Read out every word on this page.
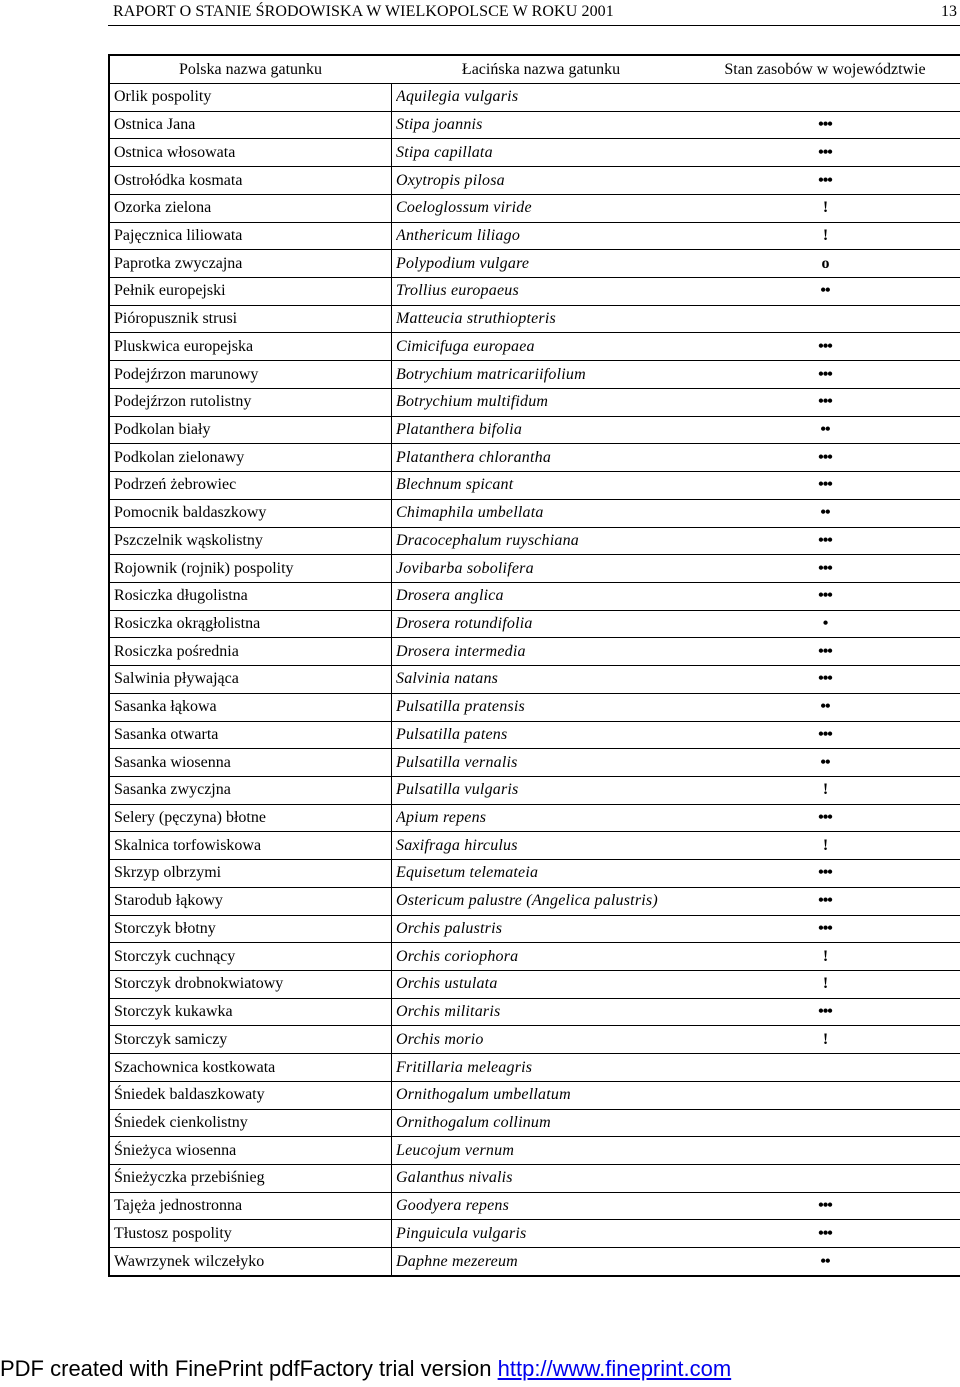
RAPORT O STANIE ŚRODOWISKA W WIELKOPOLSCE W ROKU 2001	13
Polska nazwa gatunku	Łacińska nazwa gatunku	Stan zasobów w województwie
Orlik pospolity	Aquilegia vulgaris
Ostnica Jana	Stipa joannis	•••
Ostnica włosowata	Stipa capillata	•••
Ostrołódka kosmata	Oxytropis pilosa	•••
Ozorka zielona	Coeloglossum viride	!
Pajęcznica liliowata	Anthericum liliago	!
Paprotka zwyczajna	Polypodium vulgare	o
Pełnik europejski	Trollius europaeus	••
Pióropusznik strusi	Matteucia struthiopteris
Pluskwica europejska	Cimicifuga europaea	•••
Podejźrzon marunowy	Botrychium matricariifolium	•••
Podejźrzon rutolistny	Botrychium multifidum	•••
Podkolan biały	Platanthera bifolia	••
Podkolan zielonawy	Platanthera chlorantha	•••
Podrzeń żebrowiec	Blechnum spicant	•••
Pomocnik baldaszkowy	Chimaphila umbellata	••
Pszczelnik wąskolistny	Dracocephalum ruyschiana	•••
Rojownik (rojnik) pospolity	Jovibarba sobolifera	•••
Rosiczka długolistna	Drosera anglica	•••
Rosiczka okrągłolistna	Drosera rotundifolia	•
Rosiczka pośrednia	Drosera intermedia	•••
Salwinia pływająca	Salvinia natans	•••
Sasanka łąkowa	Pulsatilla pratensis	••
Sasanka otwarta	Pulsatilla patens	•••
Sasanka wiosenna	Pulsatilla vernalis	••
Sasanka zwyczjna	Pulsatilla vulgaris	!
Selery (pęczyna) błotne	Apium repens	•••
Skalnica torfowiskowa	Saxifraga hirculus	!
Skrzyp olbrzymi	Equisetum telemateia	•••
Starodub łąkowy	Ostericum palustre (Angelica palustris)	•••
Storczyk błotny	Orchis palustris	•••
Storczyk cuchnący	Orchis coriophora	!
Storczyk drobnokwiatowy	Orchis ustulata	!
Storczyk kukawka	Orchis militaris	•••
Storczyk samiczy	Orchis morio	!
Szachownica kostkowata	Fritillaria meleagris
Śniedek baldaszkowaty	Ornithogalum umbellatum
Śniedek cienkolistny	Ornithogalum collinum
Śnieżyca wiosenna	Leucojum vernum
Śnieżyczka przebiśnieg	Galanthus nivalis
Tajęża jednostronna	Goodyera repens	•••
Tłustosz pospolity	Pinguicula vulgaris	•••
Wawrzynek wilczełyko	Daphne mezereum	••
PDF created with FinePrint pdfFactory trial version http://www.fineprint.com
